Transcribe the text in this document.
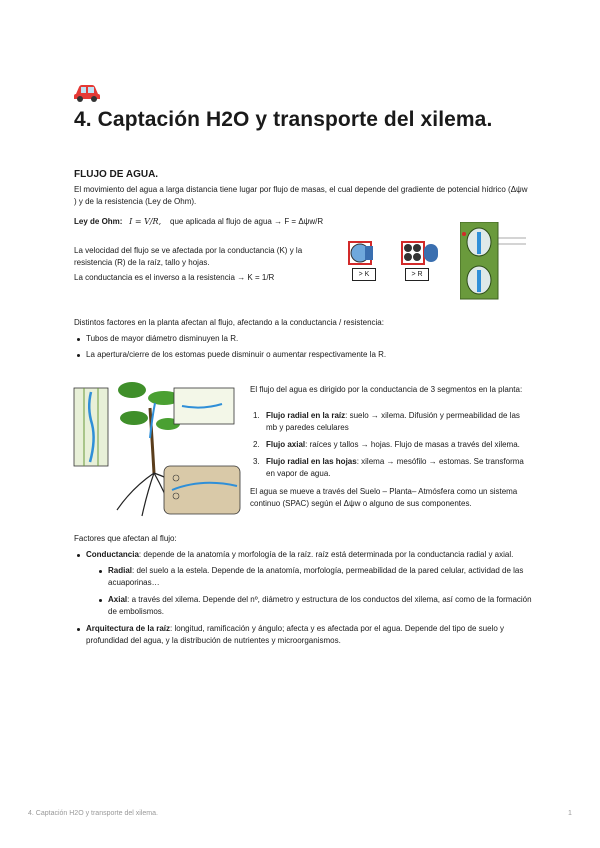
4. Captación H2O y transporte del xilema.
FLUJO DE AGUA.
El movimiento del agua a larga distancia tiene lugar por flujo de masas, el cual depende del gradiente de potencial hídrico (Δψw ) y de la resistencia (Ley de Ohm).
Ley de Ohm: I = V/R, que aplicada al flujo de agua → F = Δψw/R
La velocidad del flujo se ve afectada por la conductancia (K) y la resistencia (R) de la raíz, tallo y hojas.
La conductancia es el inverso a la resistencia → K = 1/R	> K	> R
Distintos factores en la planta afectan al flujo, afectando a la conductancia / resistencia:
Tubos de mayor diámetro disminuyen la R.
La apertura/cierre de los estomas puede disminuir o aumentar respectivamente la R.
El flujo del agua es dirigido por la conductancia de 3 segmentos en la planta:
1. Flujo radial en la raíz: suelo → xilema. Difusión y permeabilidad de las mb y paredes celulares
2. Flujo axial: raíces y tallos → hojas. Flujo de masas a través del xilema.
3. Flujo radial en las hojas: xilema → mesófilo → estomas. Se transforma en vapor de agua.
El agua se mueve a través del Suelo – Planta– Atmósfera como un sistema continuo (SPAC) según el Δψw o alguno de sus componentes.
Factores que afectan al flujo:
Conductancia: depende de la anatomía y morfología de la raíz. raíz está determinada por la conductancia radial y axial.
Radial: del suelo a la estela. Depende de la anatomía, morfología, permeabilidad de la pared celular, actividad de las acuaporinas…
Axial: a través del xilema. Depende del nº, diámetro y estructura de los conductos del xilema, así como de la formación de embolismos.
Arquitectura de la raíz: longitud, ramificación y ángulo; afecta y es afectada por el agua. Depende del tipo de suelo y profundidad del agua, y la distribución de nutrientes y microorganismos.
4. Captación H2O y transporte del xilema.	1
